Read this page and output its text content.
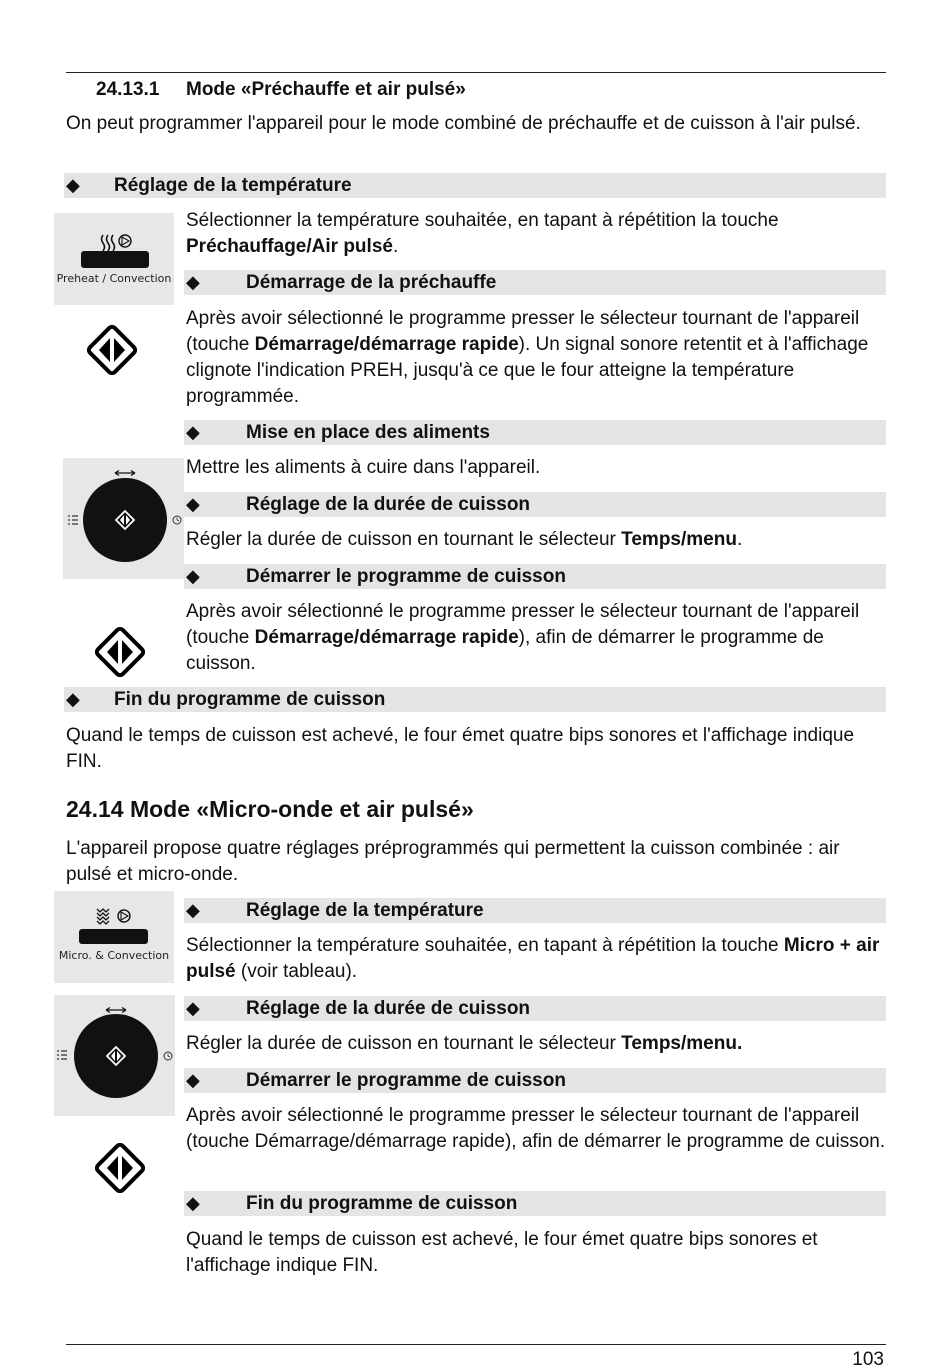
24.13.1 Mode «Préchauffe et air pulsé»
On peut programmer l'appareil pour le mode combiné de préchauffe et de cuisson à l'air pulsé.
◆ Réglage de la température
Preheat / Convection
Sélectionner la température souhaitée, en tapant à répétition la touche Préchauffage/Air pulsé.
◆ Démarrage de la préchauffe
Après avoir sélectionné le programme presser le sélecteur tournant de l'appareil (touche Démarrage/démarrage rapide). Un signal sonore retentit et à l'affichage clignote l'indication PREH, jusqu'à ce que le four atteigne la température programmée.
◆ Mise en place des aliments
Mettre les aliments à cuire dans l'appareil.
◆ Réglage de la durée de cuisson
Régler la durée de cuisson en tournant le sélecteur Temps/menu.
◆ Démarrer le programme de cuisson
Après avoir sélectionné le programme presser le sélecteur tournant de l'appareil (touche Démarrage/démarrage rapide), afin de démarrer le programme de cuisson.
◆ Fin du programme de cuisson
Quand le temps de cuisson est achevé, le four émet quatre bips sonores et l'affichage indique FIN.
24.14 Mode «Micro-onde et air pulsé»
L'appareil propose quatre réglages préprogrammés qui permettent la cuisson combinée : air pulsé et micro-onde.
Micro. & Convection
◆ Réglage de la température
Sélectionner la température souhaitée, en tapant à répétition la touche Micro + air pulsé (voir tableau).
◆ Réglage de la durée de cuisson
Régler la durée de cuisson en tournant le sélecteur Temps/menu.
◆ Démarrer le programme de cuisson
Après avoir sélectionné le programme presser le sélecteur tournant de l'appareil (touche Démarrage/démarrage rapide), afin de démarrer le programme de cuisson.
◆ Fin du programme de cuisson
Quand le temps de cuisson est achevé, le four émet quatre bips sonores et l'affichage indique FIN.
103
